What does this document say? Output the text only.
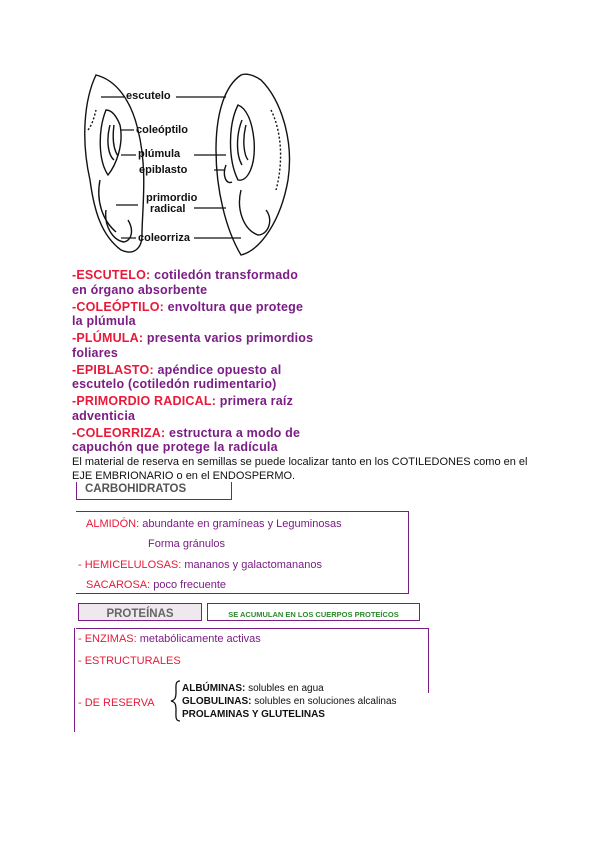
escutelo
coleóptilo
plúmula
epiblasto
primordio
radical
coleorriza
-ESCUTELO: cotiledón transformado
en órgano absorbente
-COLEÓPTILO: envoltura que protege
la plúmula
-PLÚMULA: presenta varios primordios
foliares
-EPIBLASTO: apéndice opuesto al
escutelo (cotiledón rudimentario)
-PRIMORDIO RADICAL: primera raíz
adventicia
-COLEORRIZA: estructura a modo de
capuchón que protege la radícula
El material de reserva en semillas se puede localizar tanto en los COTILEDONES como en el EJE EMBRIONARIO o en el ENDOSPERMO.
CARBOHIDRATOS
ALMIDÓN: abundante en gramíneas y Leguminosas
Forma gránulos
- HEMICELULOSAS: mananos y galactomananos
SACAROSA: poco frecuente
PROTEÍNAS	SE ACUMULAN EN LOS CUERPOS PROTEÍCOS
- ENZIMAS: metabólicamente activas
- ESTRUCTURALES
- DE RESERVA
ALBÚMINAS: solubles en agua
GLOBULINAS: solubles en soluciones alcalinas
PROLAMINAS Y GLUTELINAS
